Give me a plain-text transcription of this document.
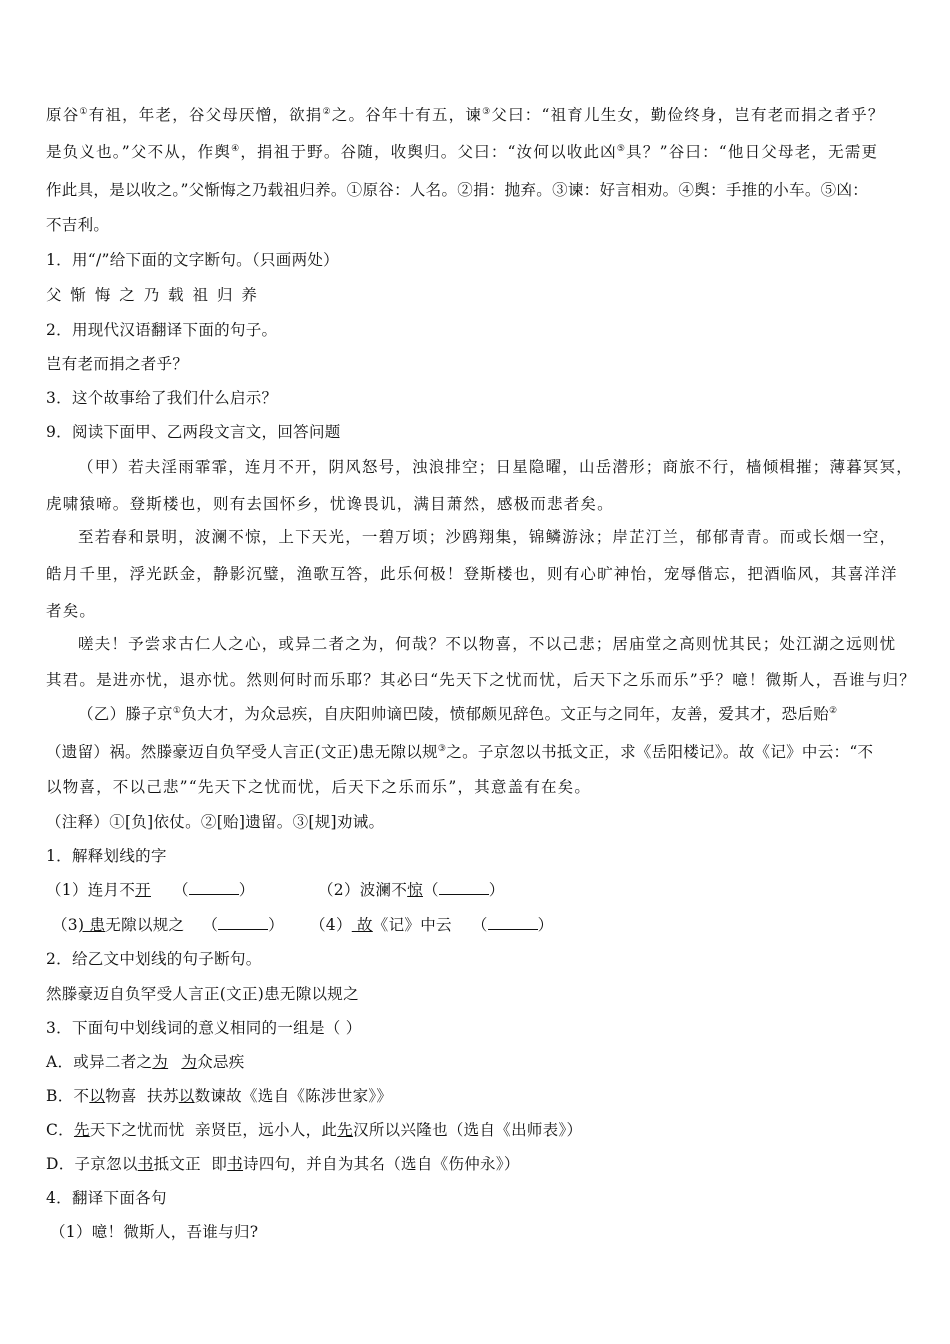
原谷①有祖，年老，谷父母厌憎，欲捐②之。谷年十有五，谏③父曰：“祖育儿生女，勤俭终身，岂有老而捐之者乎？
是负义也。”父不从，作舆④，捐祖于野。谷随，收舆归。父曰：“汝何以收此凶⑤具？”谷曰：“他日父母老，无需更
作此具，是以收之。”父惭悔之乃载祖归养。①原谷：人名。②捐：抛弃。③谏：好言相劝。④舆：手推的小车。⑤凶：
不吉利。
1．用“/”给下面的文字断句。（只画两处）
父 惭 悔 之 乃 载 祖 归 养
2．用现代汉语翻译下面的句子。
岂有老而捐之者乎？
3．这个故事给了我们什么启示？
9．阅读下面甲、乙两段文言文，回答问题
（甲）若夫淫雨霏霏，连月不开，阴风怒号，浊浪排空；日星隐曜，山岳潜形；商旅不行，樯倾楫摧；薄暮冥冥，
虎啸猿啼。登斯楼也，则有去国怀乡，忧谗畏讥，满目萧然，感极而悲者矣。
至若春和景明，波澜不惊，上下天光，一碧万顷；沙鸥翔集，锦鳞游泳；岸芷汀兰，郁郁青青。而或长烟一空，
皓月千里，浮光跃金，静影沉璧，渔歌互答，此乐何极！登斯楼也，则有心旷神怡，宠辱偕忘，把酒临风，其喜洋洋
者矣。
嗟夫！予尝求古仁人之心，或异二者之为，何哉？不以物喜，不以己悲；居庙堂之高则忧其民；处江湖之远则忧
其君。是进亦忧，退亦忧。然则何时而乐耶？其必曰“先天下之忧而忧，后天下之乐而乐”乎？噫！微斯人，吾谁与归？
（乙）滕子京①负大才，为众忌疾，自庆阳帅谪巴陵，愤郁颇见辞色。文正与之同年，友善，爱其才，恐后贻②
（遗留）祸。然滕豪迈自负罕受人言正(文正)患无隙以规③之。子京忽以书抵文正，求《岳阳楼记》。故《记》中云：“不
以物喜，不以己悲”“先天下之忧而忧，后天下之乐而乐”，其意盖有在矣。
（注释）①[负]依仗。②[贻]遗留。③[规]劝诫。
1．解释划线的字
（1）连月不开 （	）	（2）波澜不惊（	）
（3) 患无隙以规之 （	） （4） 故《记》中云 （	）
2．给乙文中划线的句子断句。
然滕豪迈自负罕受人言正(文正)患无隙以规之
3．下面句中划线词的意义相同的一组是（ ）
A．或异二者之为 为众忌疾
B．不以物喜  扶苏以数谏故《选自《陈涉世家》》
C．先天下之忧而忧  亲贤臣，远小人，此先汉所以兴隆也（选自《出师表》）
D．子京忽以书抵文正  即书诗四句，并自为其名（选自《伤仲永》）
4．翻译下面各句
（1）噫！微斯人，吾谁与归?
